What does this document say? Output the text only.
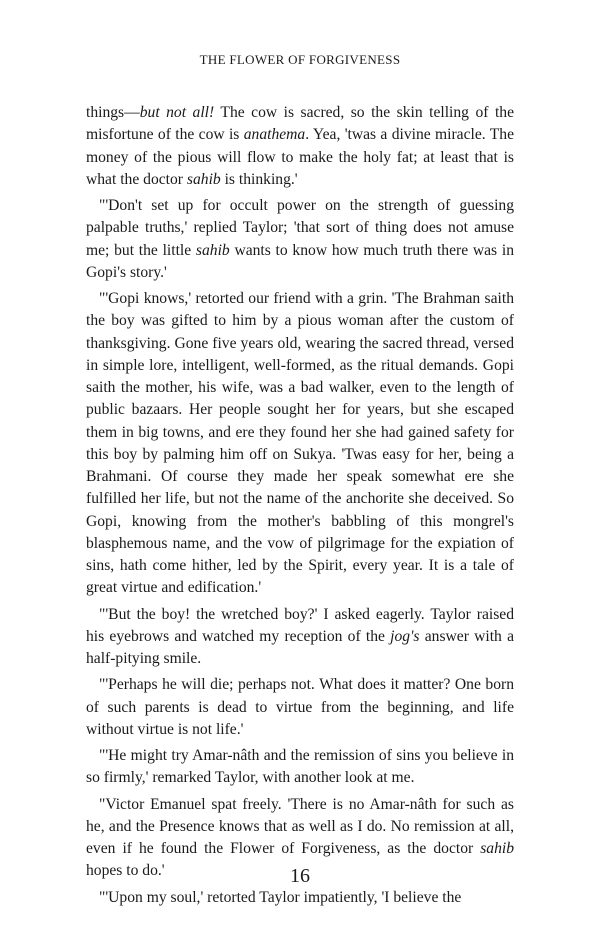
THE FLOWER OF FORGIVENESS

things—but not all! The cow is sacred, so the skin telling of the misfortune of the cow is anathema. Yea, 'twas a divine miracle. The money of the pious will flow to make the holy fat; at least that is what the doctor sahib is thinking.'

"'Don't set up for occult power on the strength of guessing palpable truths,' replied Taylor; 'that sort of thing does not amuse me; but the little sahib wants to know how much truth there was in Gopi's story.'

"'Gopi knows,' retorted our friend with a grin. 'The Brahman saith the boy was gifted to him by a pious woman after the custom of thanksgiving. Gone five years old, wearing the sacred thread, versed in simple lore, intelligent, well-formed, as the ritual demands. Gopi saith the mother, his wife, was a bad walker, even to the length of public bazaars. Her people sought her for years, but she escaped them in big towns, and ere they found her she had gained safety for this boy by palming him off on Sukya. 'Twas easy for her, being a Brahmani. Of course they made her speak somewhat ere she fulfilled her life, but not the name of the anchorite she deceived. So Gopi, knowing from the mother's babbling of this mongrel's blasphemous name, and the vow of pilgrimage for the expiation of sins, hath come hither, led by the Spirit, every year. It is a tale of great virtue and edification.'

"'But the boy! the wretched boy?' I asked eagerly. Taylor raised his eyebrows and watched my reception of the jog's answer with a half-pitying smile.

"'Perhaps he will die; perhaps not. What does it matter? One born of such parents is dead to virtue from the beginning, and life without virtue is not life.'

"'He might try Amar-nâth and the remission of sins you believe in so firmly,' remarked Taylor, with another look at me.

"Victor Emanuel spat freely. 'There is no Amar-nâth for such as he, and the Presence knows that as well as I do. No remission at all, even if he found the Flower of Forgiveness, as the doctor sahib hopes to do.'

"'Upon my soul,' retorted Taylor impatiently, 'I believe the

16
